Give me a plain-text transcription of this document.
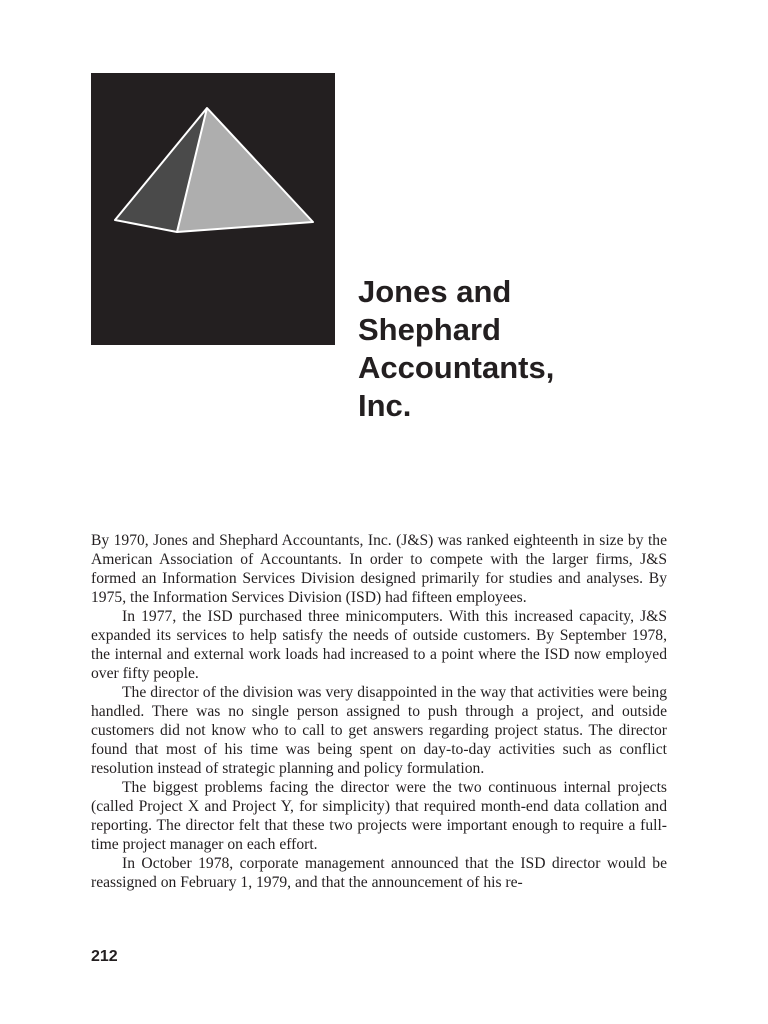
Jones and
Shephard
Accountants,
Inc.

By 1970, Jones and Shephard Accountants, Inc. (J&S) was ranked eighteenth in size by the American Association of Accountants. In order to compete with the larger firms, J&S formed an Information Services Division designed primarily for studies and analyses. By 1975, the Information Services Division (ISD) had fifteen employees.

In 1977, the ISD purchased three minicomputers. With this increased capacity, J&S expanded its services to help satisfy the needs of outside customers. By September 1978, the internal and external work loads had increased to a point where the ISD now employed over fifty people.

The director of the division was very disappointed in the way that activities were being handled. There was no single person assigned to push through a project, and outside customers did not know who to call to get answers regarding project status. The director found that most of his time was being spent on day-to-day activities such as conflict resolution instead of strategic planning and policy formulation.

The biggest problems facing the director were the two continuous internal projects (called Project X and Project Y, for simplicity) that required month-end data collation and reporting. The director felt that these two projects were important enough to require a full-time project manager on each effort.

In October 1978, corporate management announced that the ISD director would be reassigned on February 1, 1979, and that the announcement of his re-

212
